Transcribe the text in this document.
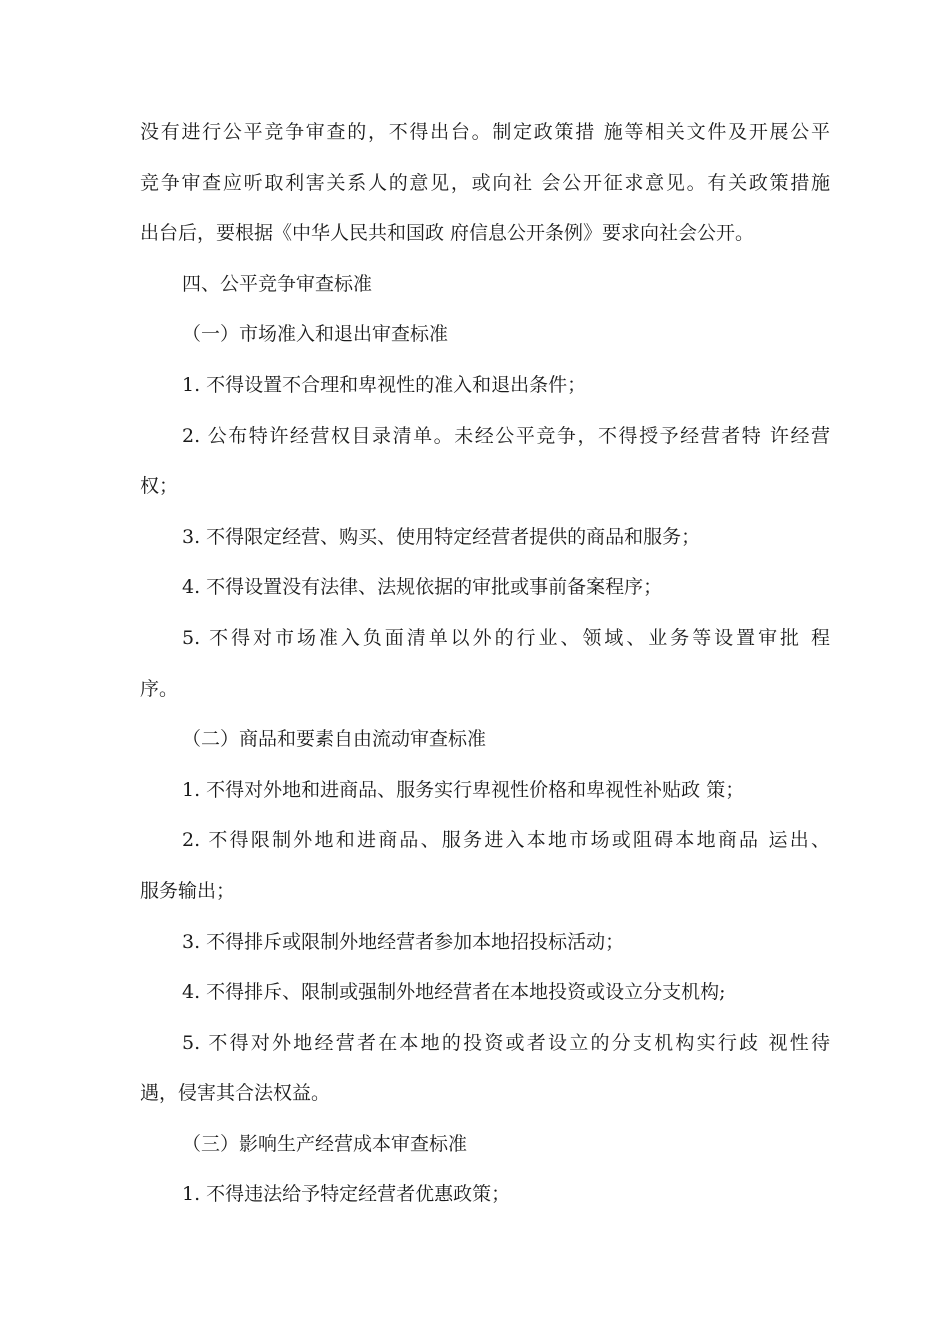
没有进行公平竞争审查的，不得出台。制定政策措 施等相关文件及开展公平
竞争审查应听取利害关系人的意见，或向社 会公开征求意见。有关政策措施
出台后，要根据《中华人民共和国政 府信息公开条例》要求向社会公开。
四、公平竞争审查标准
（一）市场准入和退出审查标准
1. 不得设置不合理和卑视性的准入和退出条件；
2. 公布特许经营权目录清单。未经公平竞争，不得授予经营者特 许经营
权；
3. 不得限定经营、购买、使用特定经营者提供的商品和服务；
4. 不得设置没有法律、法规依据的审批或事前备案程序；
5. 不得对市场准入负面清单以外的行业、领域、业务等设置审批 程
序。
（二）商品和要素自由流动审查标准
1. 不得对外地和进商品、服务实行卑视性价格和卑视性补贴政 策；
2. 不得限制外地和进商品、服务进入本地市场或阻碍本地商品 运出、
服务输出；
3. 不得排斥或限制外地经营者参加本地招投标活动；
4. 不得排斥、限制或强制外地经营者在本地投资或设立分支机构;
5. 不得对外地经营者在本地的投资或者设立的分支机构实行歧 视性待
遇，侵害其合法权益。
（三）影响生产经营成本审查标准
1. 不得违法给予特定经营者优惠政策；
